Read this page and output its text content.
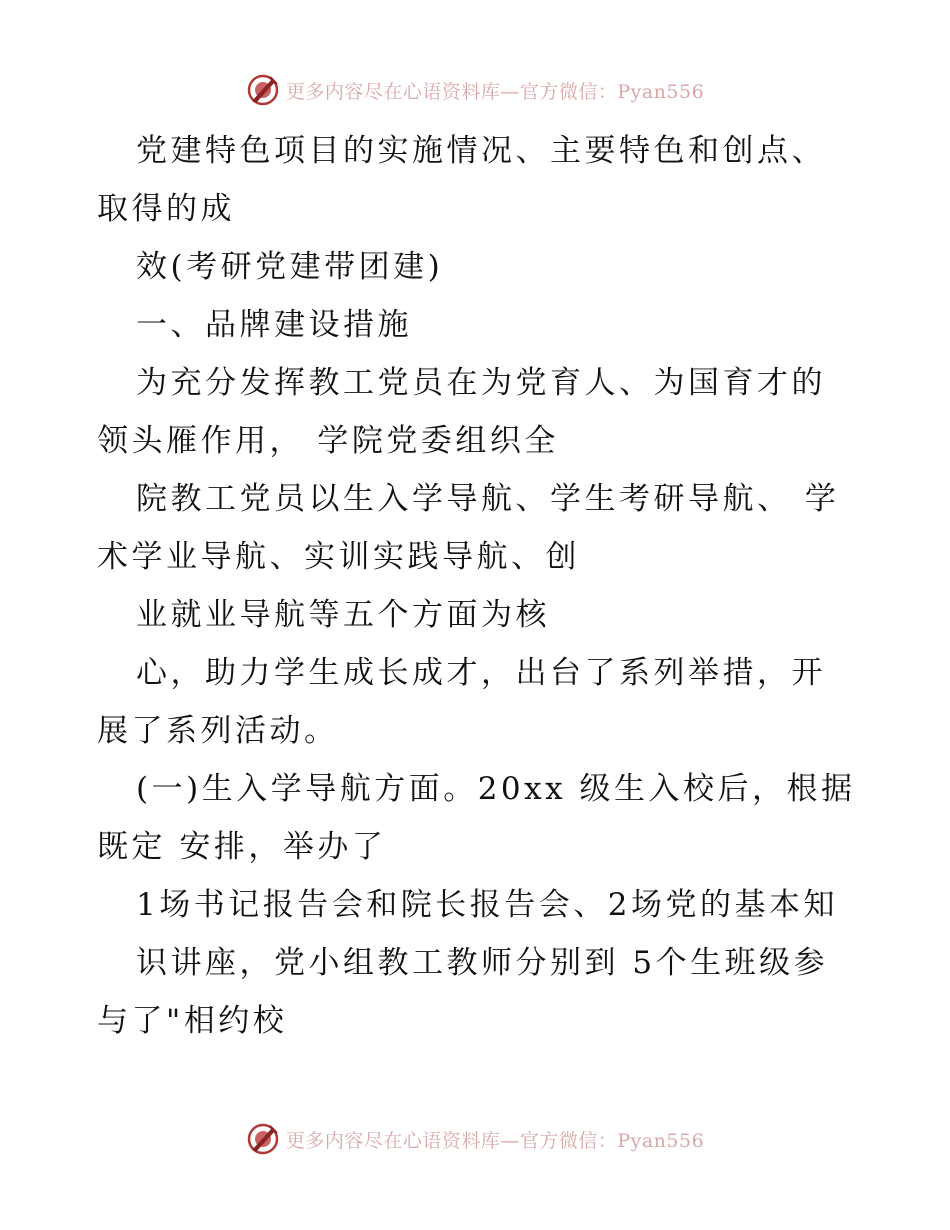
更多内容尽在心语资料库—官方微信：Pyan556

党建特色项目的实施情况、主要特色和创点、取得的成

效(考研党建带团建)

一、品牌建设措施

为充分发挥教工党员在为党育人、为国育才的领头雁作用， 学院党委组织全

院教工党员以生入学导航、学生考研导航、 学术学业导航、实训实践导航、创

业就业导航等五个方面为核

心，助力学生成长成才，出台了系列举措，开展了系列活动。

(一)生入学导航方面。20xx 级生入校后，根据既定 安排，举办了

1场书记报告会和院长报告会、2场党的基本知

识讲座，党小组教工教师分别到 5个生班级参与了"相约校

更多内容尽在心语资料库—官方微信：Pyan556
